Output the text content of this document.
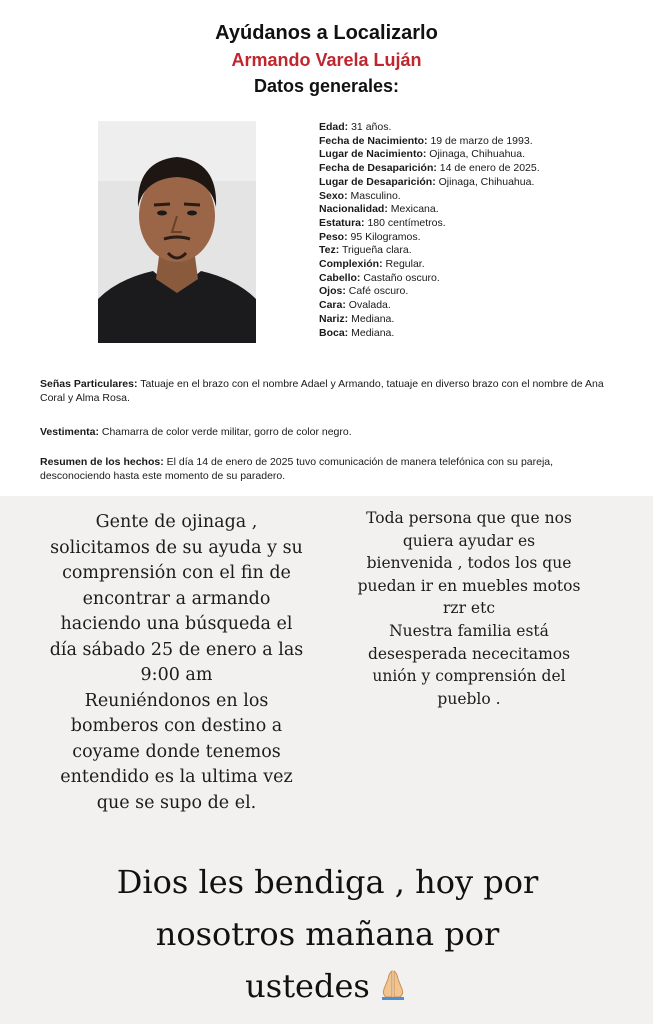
Ayúdanos a Localizarlo
Armando Varela Luján
Datos generales:
Edad: 31 años.
Fecha de Nacimiento: 19 de marzo de 1993.
Lugar de Nacimiento: Ojinaga, Chihuahua.
Fecha de Desaparición: 14 de enero de 2025.
Lugar de Desaparición: Ojinaga, Chihuahua.
Sexo: Masculino.
Nacionalidad: Mexicana.
Estatura: 180 centímetros.
Peso: 95 Kilogramos.
Tez: Trigueña clara.
Complexión: Regular.
Cabello: Castaño oscuro.
Ojos: Café oscuro.
Cara: Ovalada.
Nariz: Mediana.
Boca: Mediana.
Señas Particulares: Tatuaje en el brazo con el nombre Adael y Armando, tatuaje en diverso brazo con el nombre de Ana Coral y Alma Rosa.
Vestimenta: Chamarra de color verde militar, gorro de color negro.
Resumen de los hechos: El día 14 de enero de 2025 tuvo comunicación de manera telefónica con su pareja, desconociendo hasta este momento de su paradero.
Gente de ojinaga ,
solicitamos de su ayuda y su
comprensión con el fin de
encontrar a armando
haciendo una búsqueda el
día sábado 25 de enero a las
9:00 am
Reuniéndonos en los
bomberos con destino a
coyame donde tenemos
entendido es la ultima vez
que se supo de el.
Toda persona que que nos
quiera ayudar es
bienvenida , todos los que
puedan ir en muebles motos
rzr etc
Nuestra familia está
desesperada nececitamos
unión y comprensión del
pueblo .
Dios les bendiga , hoy por
nosotros mañana por
ustedes
